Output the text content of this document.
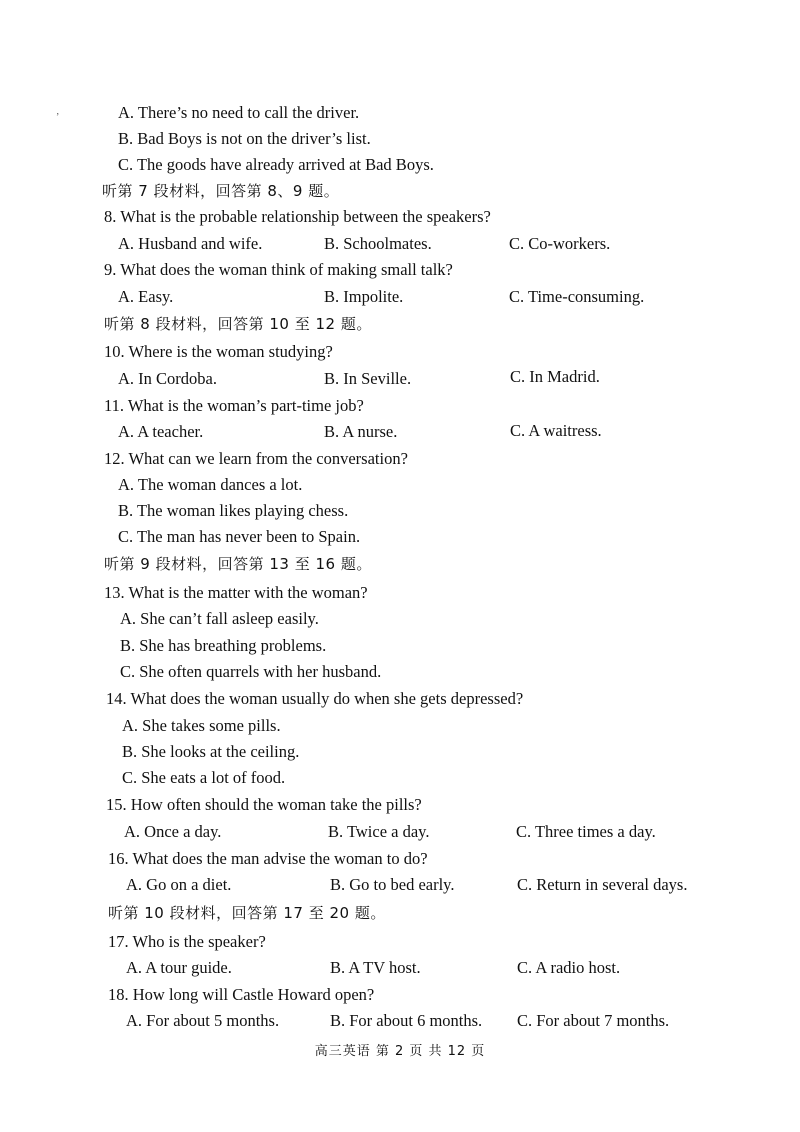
ʼ	A. There’s no need to call the driver.
B. Bad Boys is not on the driver’s list.
C. The goods have already arrived at Bad Boys.
听第 7 段材料，回答第 8、9 题。
8. What is the probable relationship between the speakers?
A. Husband and wife.	B. Schoolmates.	C. Co-workers.
9. What does the woman think of making small talk?
A. Easy.	B. Impolite.	C. Time-consuming.
听第 8 段材料，回答第 10 至 12 题。
10. Where is the woman studying?
A. In Cordoba.	B. In Seville.	C. In Madrid.
11. What is the woman’s part-time job?
A. A teacher.	B. A nurse.	C. A waitress.
12. What can we learn from the conversation?
A. The woman dances a lot.
B. The woman likes playing chess.
C. The man has never been to Spain.
听第 9 段材料，回答第 13 至 16 题。
13. What is the matter with the woman?
A. She can’t fall asleep easily.
B. She has breathing problems.
C. She often quarrels with her husband.
14. What does the woman usually do when she gets depressed?
A. She takes some pills.
B. She looks at the ceiling.
C. She eats a lot of food.
15. How often should the woman take the pills?
A. Once a day.	B. Twice a day.	C. Three times a day.
16. What does the man advise the woman to do?
A. Go on a diet.	B. Go to bed early.	C. Return in several days.
听第 10 段材料，回答第 17 至 20 题。
17. Who is the speaker?
A. A tour guide.	B. A TV host.	C. A radio host.
18. How long will Castle Howard open?
A. For about 5 months.	B. For about 6 months. C. For about 7 months.
高三英语 第 2 页 共 12 页
